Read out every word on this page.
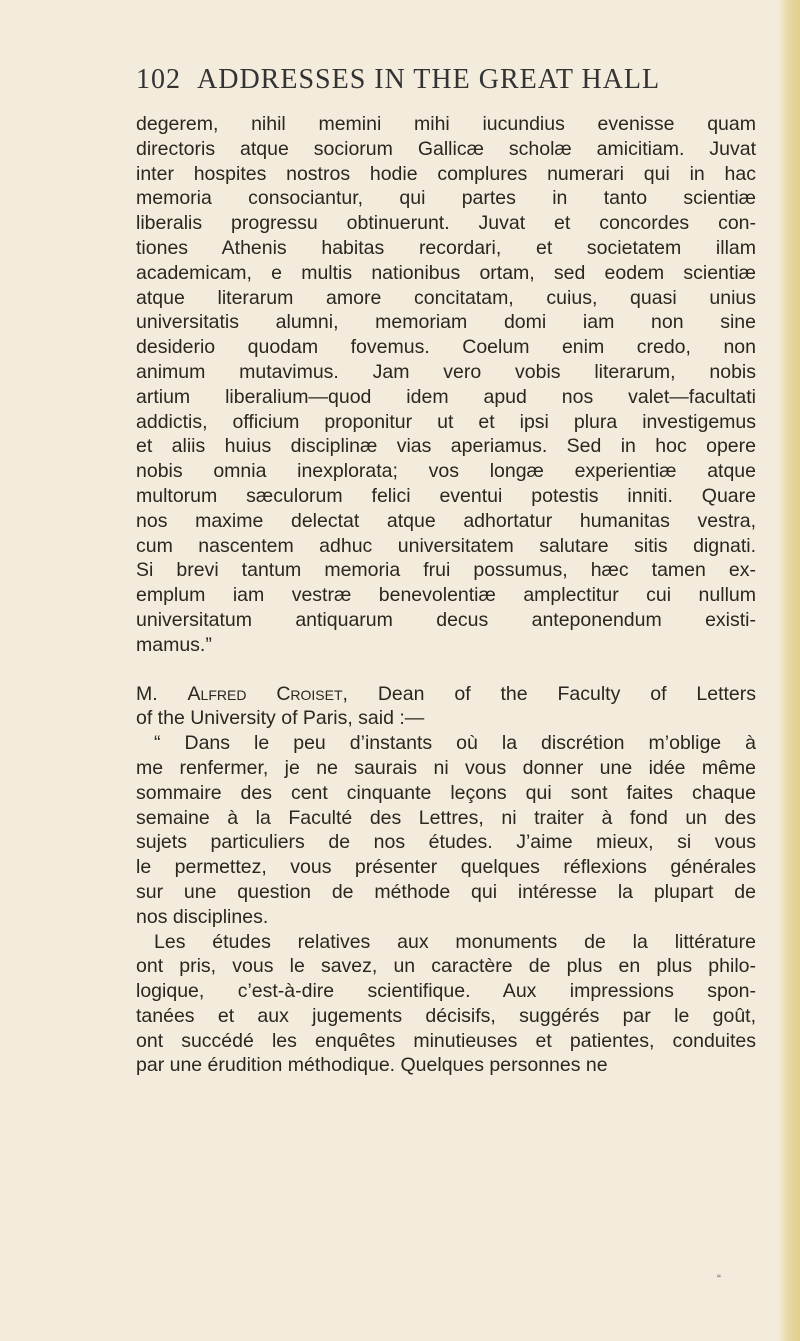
102 ADDRESSES IN THE GREAT HALL
degerem, nihil memini mihi iucundius evenisse quam
directoris atque sociorum Gallicæ scholæ amicitiam. Juvat
inter hospites nostros hodie complures numerari qui in hac
memoria consociantur, qui partes in tanto scientiæ
liberalis progressu obtinuerunt. Juvat et concordes con-
tiones Athenis habitas recordari, et societatem illam
academicam, e multis nationibus ortam, sed eodem scientiæ
atque literarum amore concitatam, cuius, quasi unius
universitatis alumni, memoriam domi iam non sine
desiderio quodam fovemus. Coelum enim credo, non
animum mutavimus. Jam vero vobis literarum, nobis
artium liberalium—quod idem apud nos valet—facultati
addictis, officium proponitur ut et ipsi plura investigemus
et aliis huius disciplinæ vias aperiamus. Sed in hoc opere
nobis omnia inexplorata; vos longæ experientiæ atque
multorum sæculorum felici eventui potestis inniti. Quare
nos maxime delectat atque adhortatur humanitas vestra,
cum nascentem adhuc universitatem salutare sitis dignati.
Si brevi tantum memoria frui possumus, hæc tamen ex-
emplum iam vestræ benevolentiæ amplectitur cui nullum
universitatum antiquarum decus anteponendum existi-
mamus.”
M. Alfred Croiset, Dean of the Faculty of Letters
of the University of Paris, said :—
“ Dans le peu d’instants où la discrétion m’oblige à
me renfermer, je ne saurais ni vous donner une idée même
sommaire des cent cinquante leçons qui sont faites chaque
semaine à la Faculté des Lettres, ni traiter à fond un des
sujets particuliers de nos études. J’aime mieux, si vous
le permettez, vous présenter quelques réflexions générales
sur une question de méthode qui intéresse la plupart de
nos disciplines.
Les études relatives aux monuments de la littérature
ont pris, vous le savez, un caractère de plus en plus philo-
logique, c’est-à-dire scientifique. Aux impressions spon-
tanées et aux jugements décisifs, suggérés par le goût,
ont succédé les enquêtes minutieuses et patientes, conduites
par une érudition méthodique. Quelques personnes ne
“
